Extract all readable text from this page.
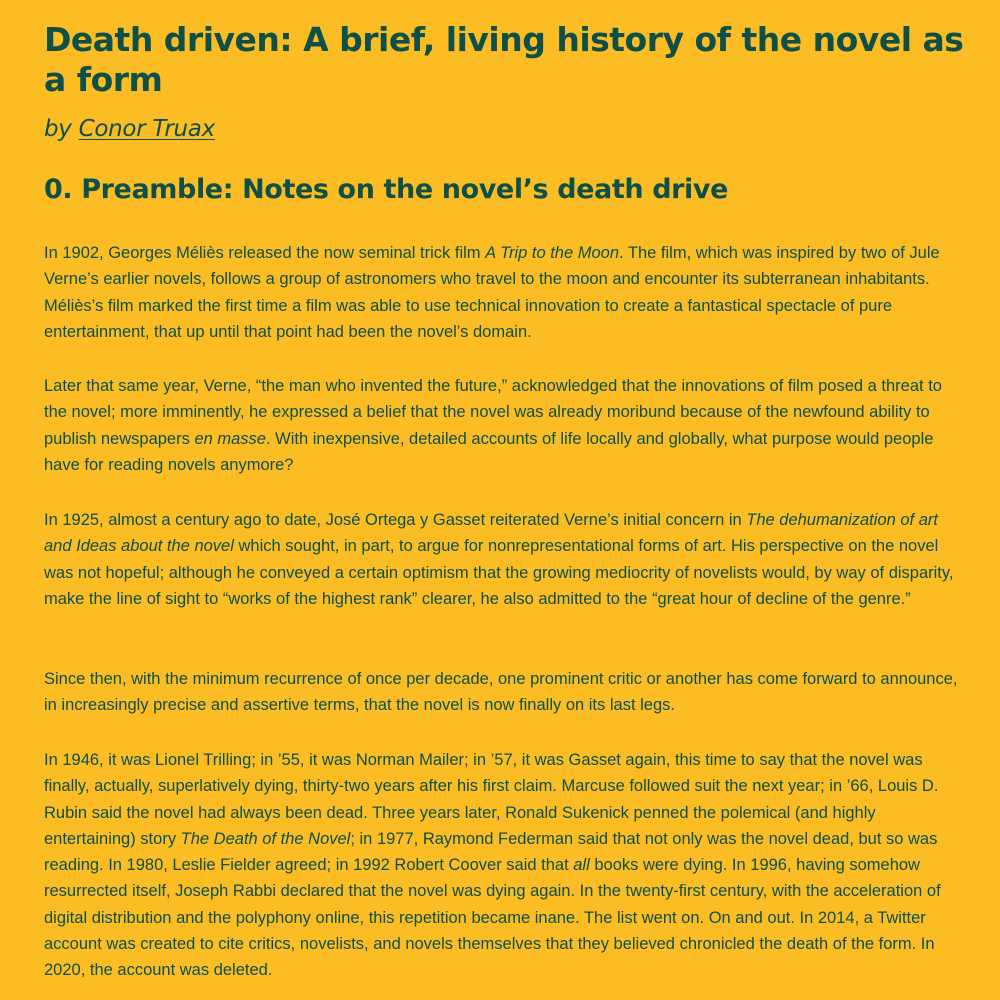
Death driven: A brief, living history of the novel as a form
by Conor Truax
0. Preamble: Notes on the novel’s death drive

In 1902, Georges Méliès released the now seminal trick film A Trip to the Moon. The film, which was inspired by two of Jule Verne’s earlier novels, follows a group of astronomers who travel to the moon and encounter its subterranean inhabitants. Méliès’s film marked the first time a film was able to use technical innovation to create a fantastical spectacle of pure entertainment, that up until that point had been the novel’s domain.

Later that same year, Verne, “the man who invented the future,” acknowledged that the innovations of film posed a threat to the novel; more imminently, he expressed a belief that the novel was already moribund because of the newfound ability to publish newspapers en masse. With inexpensive, detailed accounts of life locally and globally, what purpose would people have for reading novels anymore?

In 1925, almost a century ago to date, José Ortega y Gasset reiterated Verne’s initial concern in The dehumanization of art and Ideas about the novel which sought, in part, to argue for nonrepresentational forms of art. His perspective on the novel was not hopeful; although he conveyed a certain optimism that the growing mediocrity of novelists would, by way of disparity, make the line of sight to “works of the highest rank” clearer, he also admitted to the “great hour of decline of the genre.”

Since then, with the minimum recurrence of once per decade, one prominent critic or another has come forward to announce, in increasingly precise and assertive terms, that the novel is now finally on its last legs.

In 1946, it was Lionel Trilling; in ’55, it was Norman Mailer; in ’57, it was Gasset again, this time to say that the novel was finally, actually, superlatively dying, thirty-two years after his first claim. Marcuse followed suit the next year; in ’66, Louis D. Rubin said the novel had always been dead. Three years later, Ronald Sukenick penned the polemical (and highly entertaining) story The Death of the Novel; in 1977, Raymond Federman said that not only was the novel dead, but so was reading. In 1980, Leslie Fielder agreed; in 1992 Robert Coover said that all books were dying. In 1996, having somehow resurrected itself, Joseph Rabbi declared that the novel was dying again. In the twenty-first century, with the acceleration of digital distribution and the polyphony online, this repetition became inane. The list went on. On and out. In 2014, a Twitter account was created to cite critics, novelists, and novels themselves that they believed chronicled the death of the form. In 2020, the account was deleted.
